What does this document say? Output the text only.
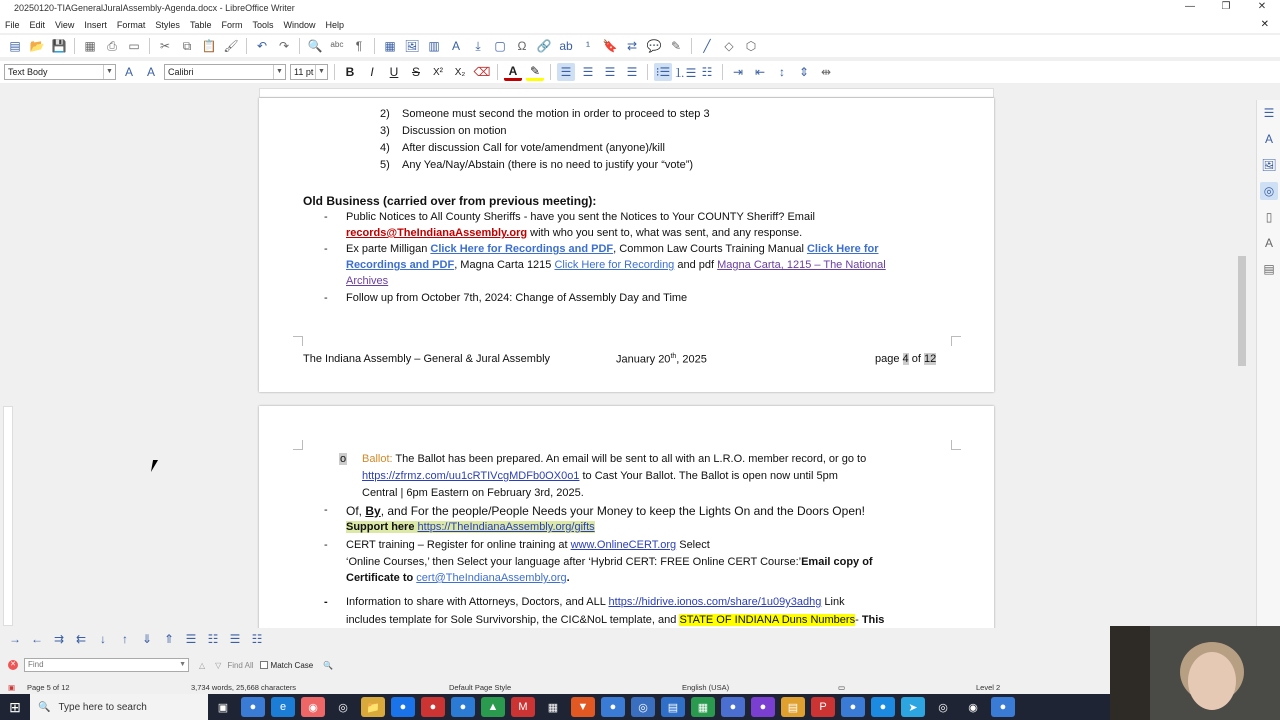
20250120-TIAGeneralJuralAssembly-Agenda.docx - LibreOffice Writer	—	❐	✕
File	Edit	View	Insert	Format	Styles	Table	Form	Tools	Window	Help	✕
▤ 📂 💾 ▦ ⎙ ▭	✂	⧉ 📋 🖌	↶ ↷	🔍 ᵃᵇᶜ	¶	▦ 🖼 ▥	A	⤓	▢ Ω 🔗 ab	¹	🔖 ⇄ 💬 ✎	╱	◇	⬡
Text Body	▼	A	A	Calibri	▼ 11 pt ▼	B	I	U	S	X²	X₂ ⌫	A	✎	☰ ☰ ☰ ☰	⁝☰ ⒈☰ ☷	⇥ ⇤	↕	⇕ ⇹
2) Someone must second the motion in order to proceed to step 3
3) Discussion on motion
4) After discussion Call for vote/amendment (anyone)/kill
5) Any Yea/Nay/Abstain (there is no need to justify your “vote”)
Old Business (carried over from previous meeting):
- Public Notices to All County Sheriffs - have you sent the Notices to Your COUNTY Sheriff? Email
records@TheIndianaAssembly.org with who you sent to, what was sent, and any response.
- Ex parte Milligan Click Here for Recordings and PDF, Common Law Courts Training Manual Click Here for
Recordings and PDF, Magna Carta 1215 Click Here for Recording and pdf Magna Carta, 1215 – The National
Archives
- Follow up from October 7th, 2024: Change of Assembly Day and Time
The Indiana Assembly – General & Jural Assembly	January 20th, 2025	page 4 of 12
o Ballot: The Ballot has been prepared. An email will be sent to all with an L.R.O. member record, or go to
https://zfrmz.com/uu1cRTIVcgMDFb0OX0o1 to Cast Your Ballot. The Ballot is open now until 5pm
Central | 6pm Eastern on February 3rd, 2025.
- Of, By, and For the people/People Needs your Money to keep the Lights On and the Doors Open!
Support here https://TheIndianaAssembly.org/gifts
- CERT training – Register for online training at www.OnlineCERT.org Select
‘Online Courses,’ then Select your language after ‘Hybrid CERT: FREE Online CERT Course:’Email copy of
Certificate to cert@TheIndianaAssembly.org.
- Information to share with Attorneys, Doctors, and ALL https://hidrive.ionos.com/share/1u09y3adhg Link
includes template for Sole Survivorship, the CIC&NoL template, and STATE OF INDIANA Duns Numbers- This
☰ A 🖼 ◎ ▯ A ▤
→ ← ⇉ ⇇	↓	↑	⇓ ⇑ ☰ ☷ ☰ ☷
✕	Find	▼ △ ▽ Find All Match Case 🔍
▣ Page 5 of 12	3,734 words, 25,668 characters	Default Page Style	English (USA)	▭	Level 2
⊞	🔍 Type here to search	▣	●	e	◉	◎	📁	●	●	●	▲	M	▦	▼	●	◎	▤	▦	●	●	▤	P	●	●	➤	◎	◉	●
